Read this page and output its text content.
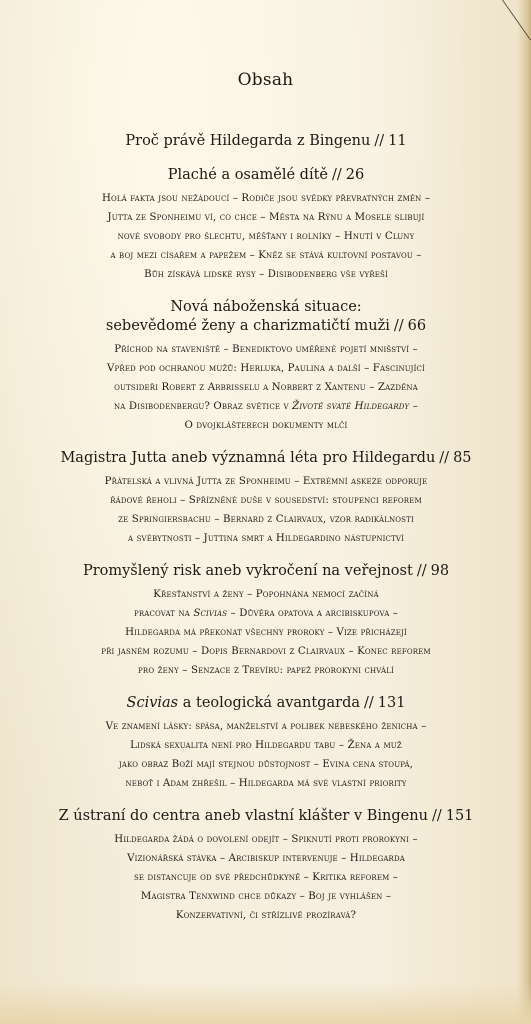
Obsah

Proč právě Hildegarda z Bingenu // 11

Plaché a osamělé dítě // 26

Holá fakta jsou nežádoucí – Rodiče jsou svědky převratných změn –
Jutta ze Sponheimu ví, co chce – Města na Rýnu a Mosele slibují
nové svobody pro šlechtu, měšťany i rolníky – Hnutí v Cluny
a boj mezi císařem a papežem – Kněz se stává kultovní postavou –
Bůh získává lidské rysy – Disibodenberg vše vyřeší

Nová náboženská situace:
sebevědomé ženy a charizmatičtí muži // 66

Příchod na staveniště – Benediktovo uměřené pojetí mnišství –
Vpřed pod ochranou mužů: Herluka, Paulina a další – Fascinující
outsideři Robert z Arbrisselu a Norbert z Xantenu – Zazděna
na Disibodenbergu? Obraz světice v Životě svaté Hildegardy –
O dvojklášterech dokumenty mlčí

Magistra Jutta aneb významná léta pro Hildegardu // 85

Přátelská a vlivná Jutta ze Sponheimu – Extrémní askeze odporuje
řádové řeholi – Spřízněné duše v sousedství: stoupenci reforem
ze Springiersbachu – Bernard z Clairvaux, vzor radikálnosti
a svébytnosti – Juttina smrt a Hildegardino nástupnictví

Promyšlený risk aneb vykročení na veřejnost // 98

Křesťanství a ženy – Popohnána nemocí začíná
pracovat na Scivias – Důvěra opatova a arcibiskupova –
Hildegarda má překonat všechny proroky – Vize přicházejí
při jasném rozumu – Dopis Bernardovi z Clairvaux – Konec reforem
pro ženy – Senzace z Trevíru: papež prorokyni chválí

Scivias a teologická avantgarda // 131

Ve znamení lásky: spása, manželství a polibek nebeského ženicha –
Lidská sexualita není pro Hildegardu tabu – Žena a muž
jako obraz Boží mají stejnou důstojnost – Evina cena stoupá,
neboť i Adam zhřešil – Hildegarda má své vlastní priority

Z ústraní do centra aneb vlastní klášter v Bingenu // 151

Hildegarda žádá o dovolení odejít – Spiknutí proti prorokyni –
Vizionářská stávka – Arcibiskup intervenuje – Hildegarda
se distancuje od své předchůdkyně – Kritika reforem –
Magistra Tenxwind chce důkazy – Boj je vyhlášen –
Konzervativní, či střízlivě prozíravá?
